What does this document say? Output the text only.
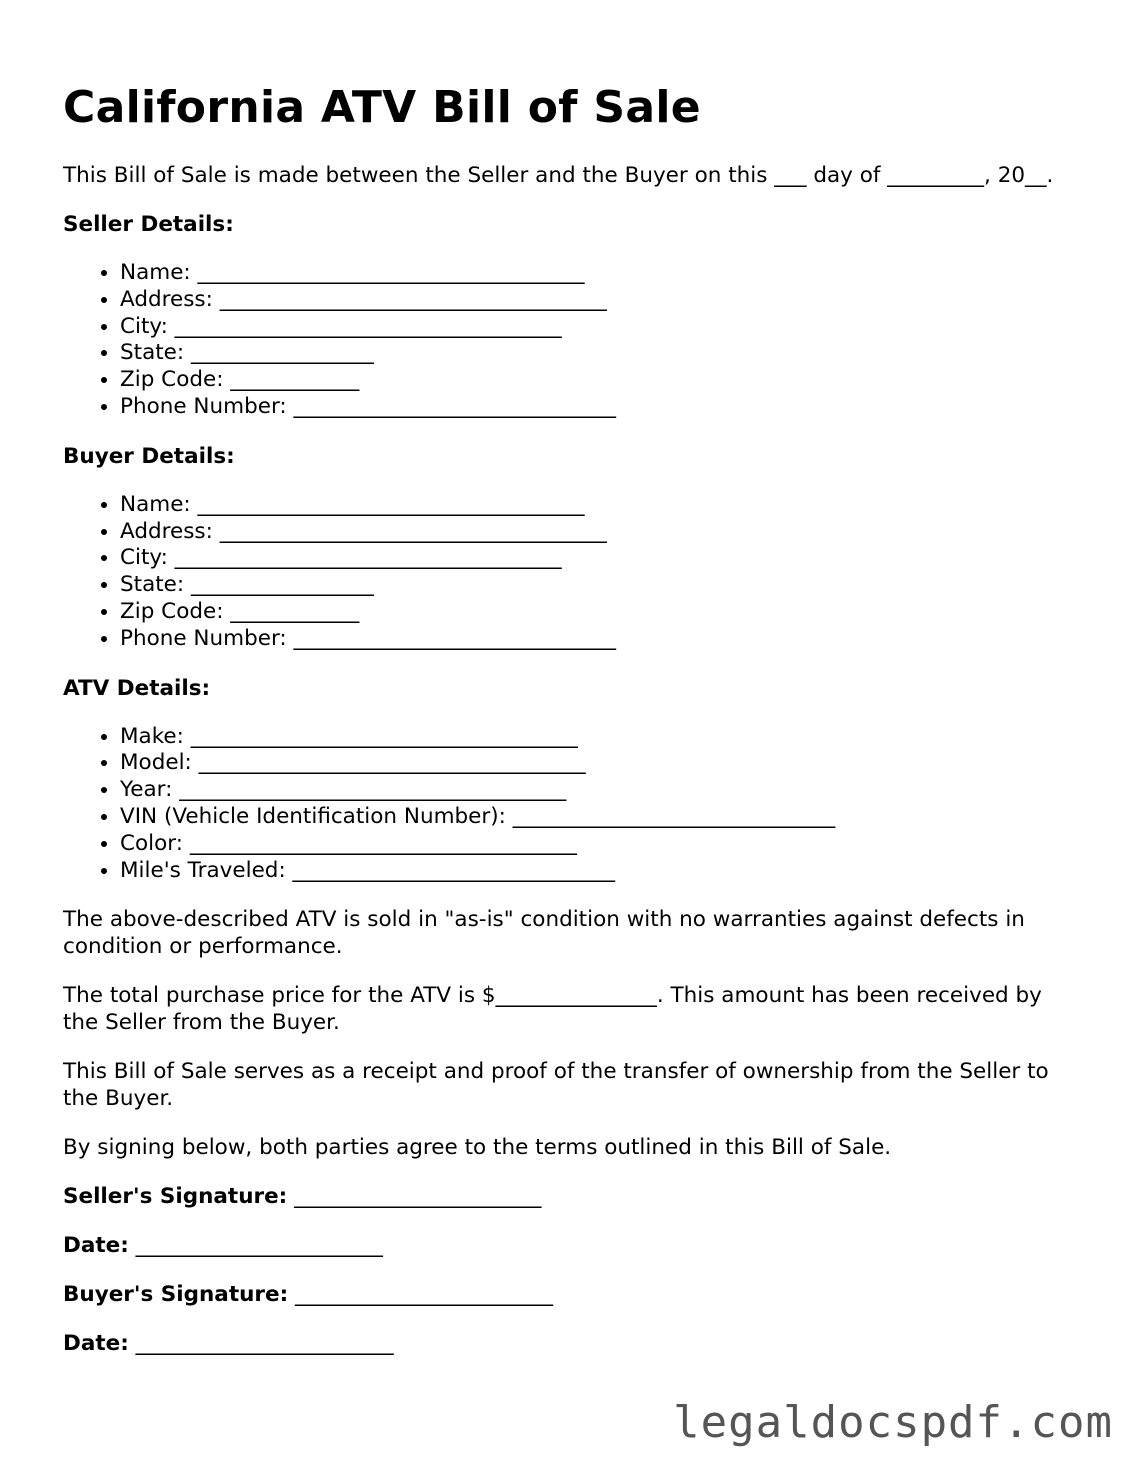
California ATV Bill of Sale

This Bill of Sale is made between the Seller and the Buyer on this ___ day of _________, 20__.

Seller Details:
• Name: ____________________________________
• Address: ____________________________________
• City: ____________________________________
• State: _________________
• Zip Code: ____________
• Phone Number: ______________________________
Buyer Details:
• Name: ____________________________________
• Address: ____________________________________
• City: ____________________________________
• State: _________________
• Zip Code: ____________
• Phone Number: ______________________________
ATV Details:
• Make: ____________________________________
• Model: ____________________________________
• Year: ____________________________________
• VIN (Vehicle Identification Number): ______________________________
• Color: ____________________________________
• Mile's Traveled: ______________________________

The above-described ATV is sold in "as-is" condition with no warranties against defects in condition or performance.

The total purchase price for the ATV is $_______________. This amount has been received by the Seller from the Buyer.

This Bill of Sale serves as a receipt and proof of the transfer of ownership from the Seller to the Buyer.

By signing below, both parties agree to the terms outlined in this Bill of Sale.

Seller's Signature: _______________________
Date: _______________________
Buyer's Signature: ________________________
Date: ________________________
legaldocspdf.com
